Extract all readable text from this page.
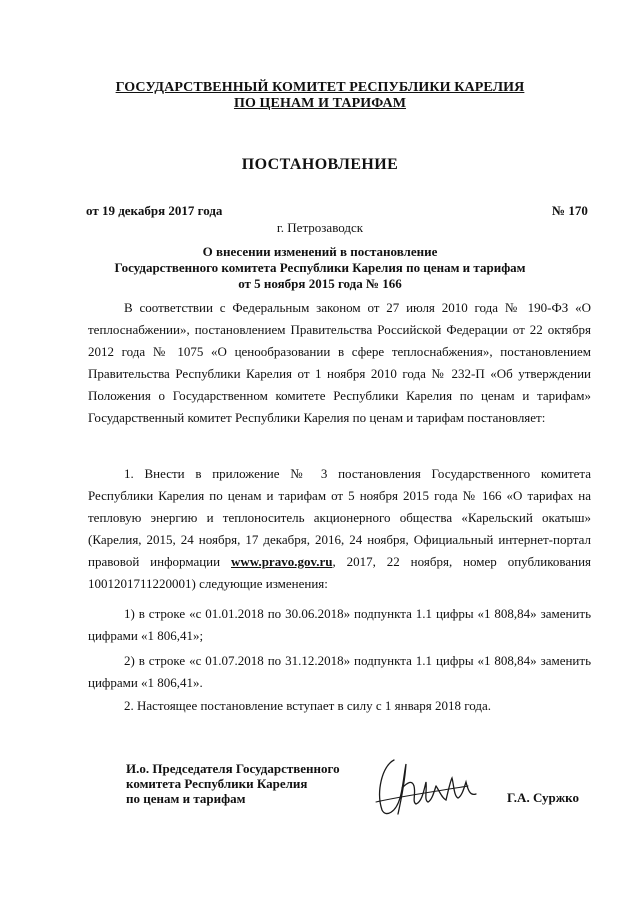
ГОСУДАРСТВЕННЫЙ КОМИТЕТ РЕСПУБЛИКИ КАРЕЛИЯ
ПО ЦЕНАМ И ТАРИФАМ
ПОСТАНОВЛЕНИЕ
от 19 декабря 2017 года	№ 170
г. Петрозаводск
О внесении изменений в постановление
Государственного комитета Республики Карелия по ценам и тарифам
от 5 ноября 2015 года № 166
В соответствии с Федеральным законом от 27 июля 2010 года № 190-ФЗ «О теплоснабжении», постановлением Правительства Российской Федерации от 22 октября 2012 года № 1075 «О ценообразовании в сфере теплоснабжения», постановлением Правительства Республики Карелия от 1 ноября 2010 года № 232-П «Об утверждении Положения о Государственном комитете Республики Карелия по ценам и тарифам» Государственный комитет Республики Карелия по ценам и тарифам постановляет:
1. Внести в приложение № 3 постановления Государственного комитета Республики Карелия по ценам и тарифам от 5 ноября 2015 года № 166 «О тарифах на тепловую энергию и теплоноситель акционерного общества «Карельский окатыш» (Карелия, 2015, 24 ноября, 17 декабря, 2016, 24 ноября, Официальный интернет-портал правовой информации www.pravo.gov.ru, 2017, 22 ноября, номер опубликования 1001201711220001) следующие изменения:
1) в строке «с 01.01.2018 по 30.06.2018» подпункта 1.1 цифры «1 808,84» заменить цифрами «1 806,41»;
2) в строке «с 01.07.2018 по 31.12.2018» подпункта 1.1 цифры «1 808,84» заменить цифрами «1 806,41».
2. Настоящее постановление вступает в силу с 1 января 2018 года.
И.о. Председателя Государственного
комитета Республики Карелия
по ценам и тарифам	Г.А. Суржко
